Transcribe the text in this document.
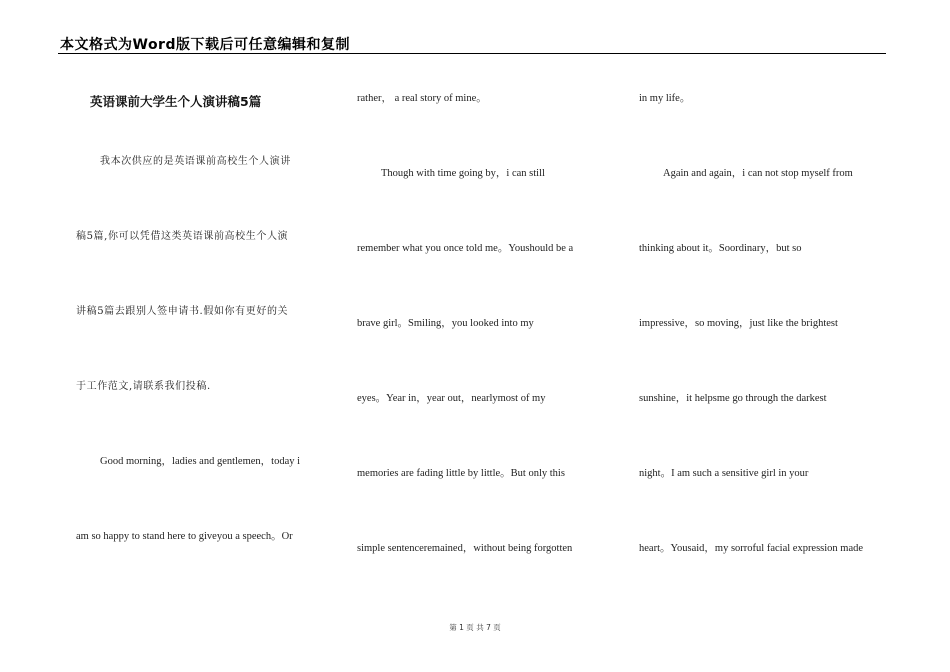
本文格式为Word版下载后可任意编辑和复制
英语课前大学生个人演讲稿5篇
我本次供应的是英语课前高校生个人演讲
稿5篇,你可以凭借这类英语课前高校生个人演
讲稿5篇去跟别人签申请书.假如你有更好的关
于工作范文,请联系我们投稿.
Good morning，ladies and gentlemen，today i
am so happy to stand here to giveyou a speech。Or
rather， a real story of mine。
Though with time going by，i can still
remember what you once told me。Youshould be a
brave girl。Smiling，you looked into my
eyes。Year in，year out，nearlymost of my
memories are fading little by little。But only this
simple sentenceremained，without being forgotten
in my life。
Again and again，i can not stop myself from
thinking about it。Soordinary，but so
impressive，so moving，just like the brightest
sunshine，it helpsme go through the darkest
night。I am such a sensitive girl in your
heart。Yousaid，my sorroful facial expression made
第 1 页 共 7 页
